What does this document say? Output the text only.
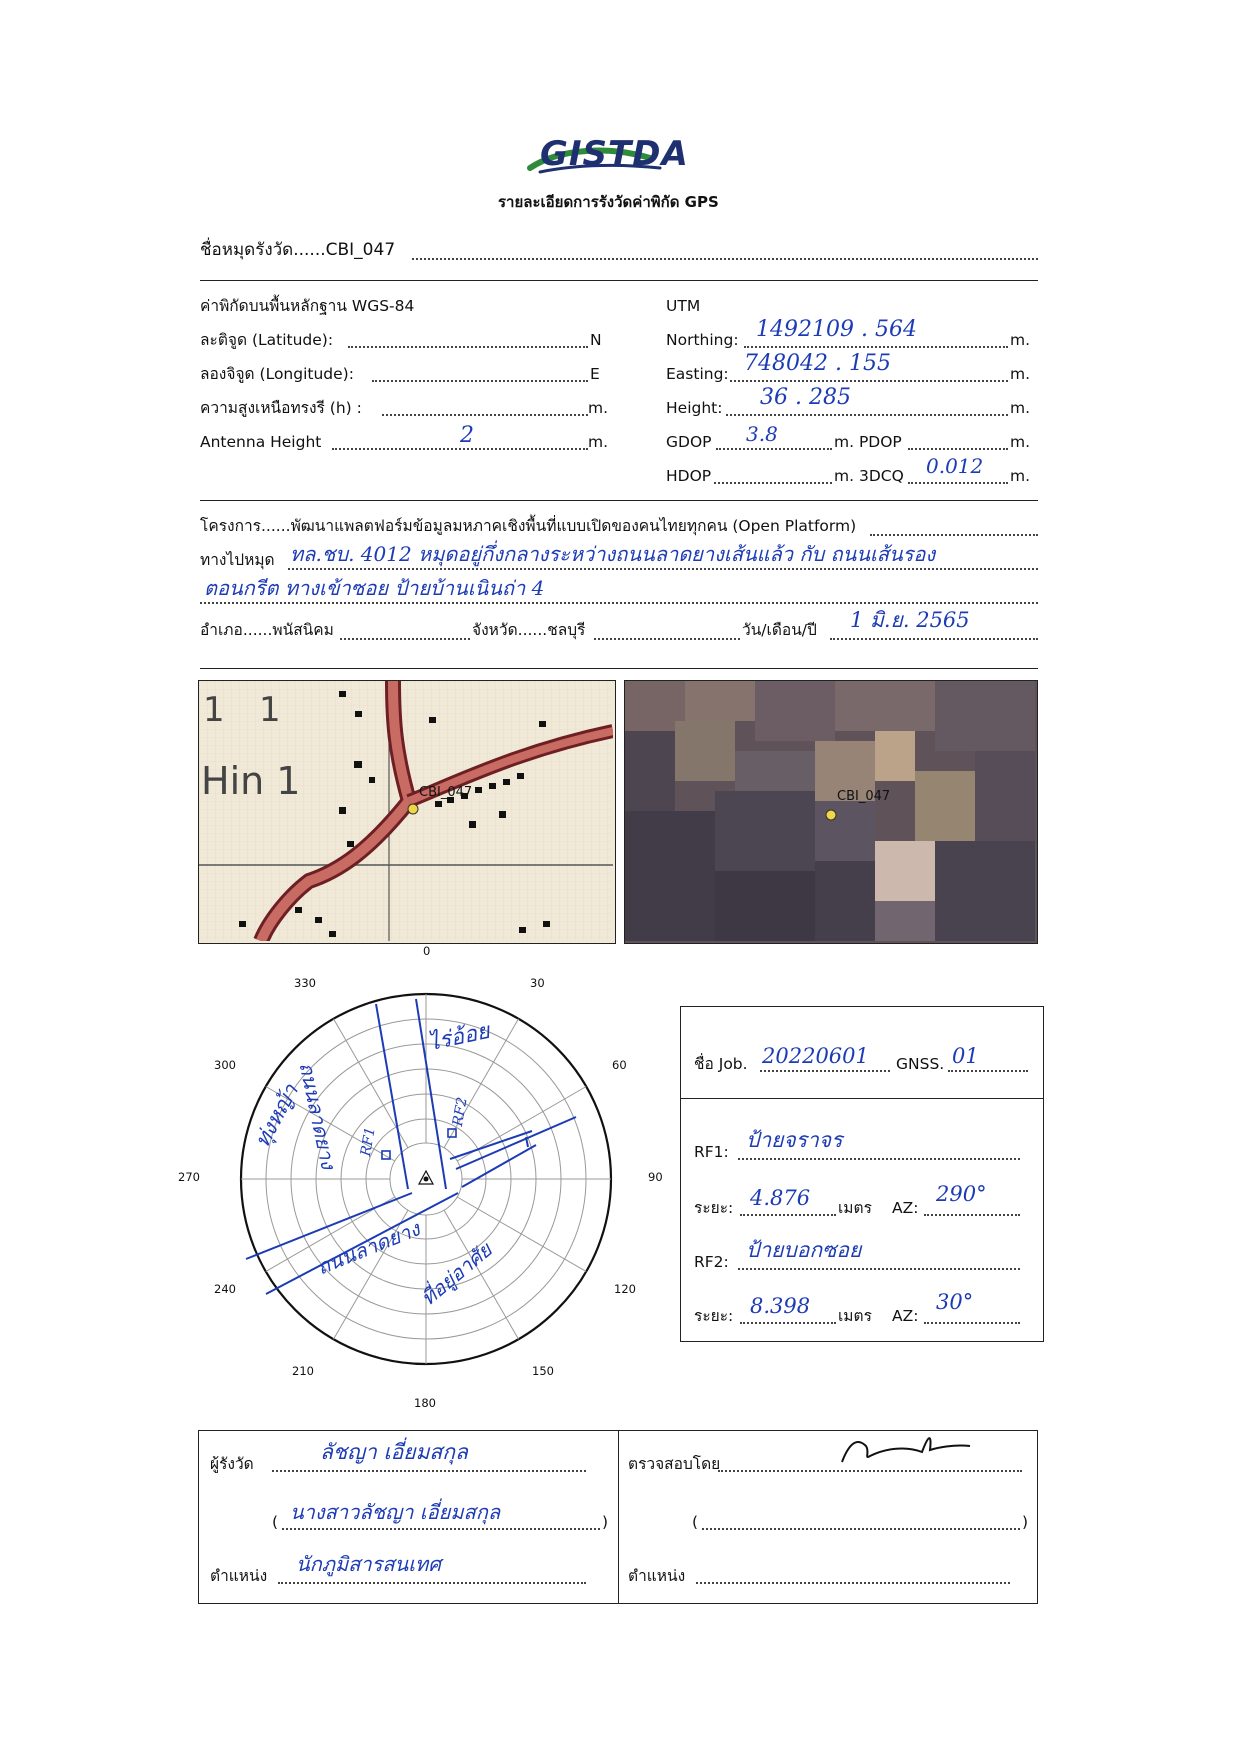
GISTDA
รายละเอียดการรังวัดค่าพิกัด GPS
ชื่อหมุดรังวัด......CBI_047
ค่าพิกัดบนพื้นหลักฐาน WGS-84
ละติจูด (Latitude):	N
ลองจิจูด (Longitude):	E
ความสูงเหนือทรงรี (h) :	m.
Antenna Height	2	m.
UTM
Northing: 1492109 . 564	m.
Easting: 748042 . 155	m.
Height: 36 . 285	m.
GDOP 3.8	m. PDOP	m.
HDOP	m. 3DCQ 0.012 m.
โครงการ......พัฒนาแพลตฟอร์มข้อมูลมหภาคเชิงพื้นที่แบบเปิดของคนไทยทุกคน (Open Platform)
ทางไปหมุด ทล.ชบ. 4012 หมุดอยู่กึ่งกลางระหว่างถนนลาดยางเส้นแล้ว กับ ถนนเส้นรอง
ตอนกรีต ทางเข้าซอย ป้ายบ้านเนินถ่า 4
อำเภอ......พนัสนิคม	จังหวัด......ชลบุรี	วัน/เดือน/ปี 1 มิ.ย. 2565
1 1
Hin 1	CBI_047	CBI_047
0
30
60
90
120
150
180
210
240
270
300
330
ถนนลาดยาง
ไร่อ้อย
ทุ่งหญ้า	RF1
RF2
ถนนลาดยาง
ที่อยู่อาศัย
ชื่อ Job. 20220601 GNSS. 01
RF1: ป้ายจราจร
ระยะ: 4.876 เมตร AZ:
290°
RF2: ป้ายบอกซอย
ระยะ: 8.398 เมตร AZ:
30°
ผู้รังวัด	ลัชญา เอี่ยมสกุล
( นางสาวลัชญา เอี่ยมสกุล	)
ตำแหน่ง นักภูมิสารสนเทศ
ตรวจสอบโดย
(	)
ตำแหน่ง
